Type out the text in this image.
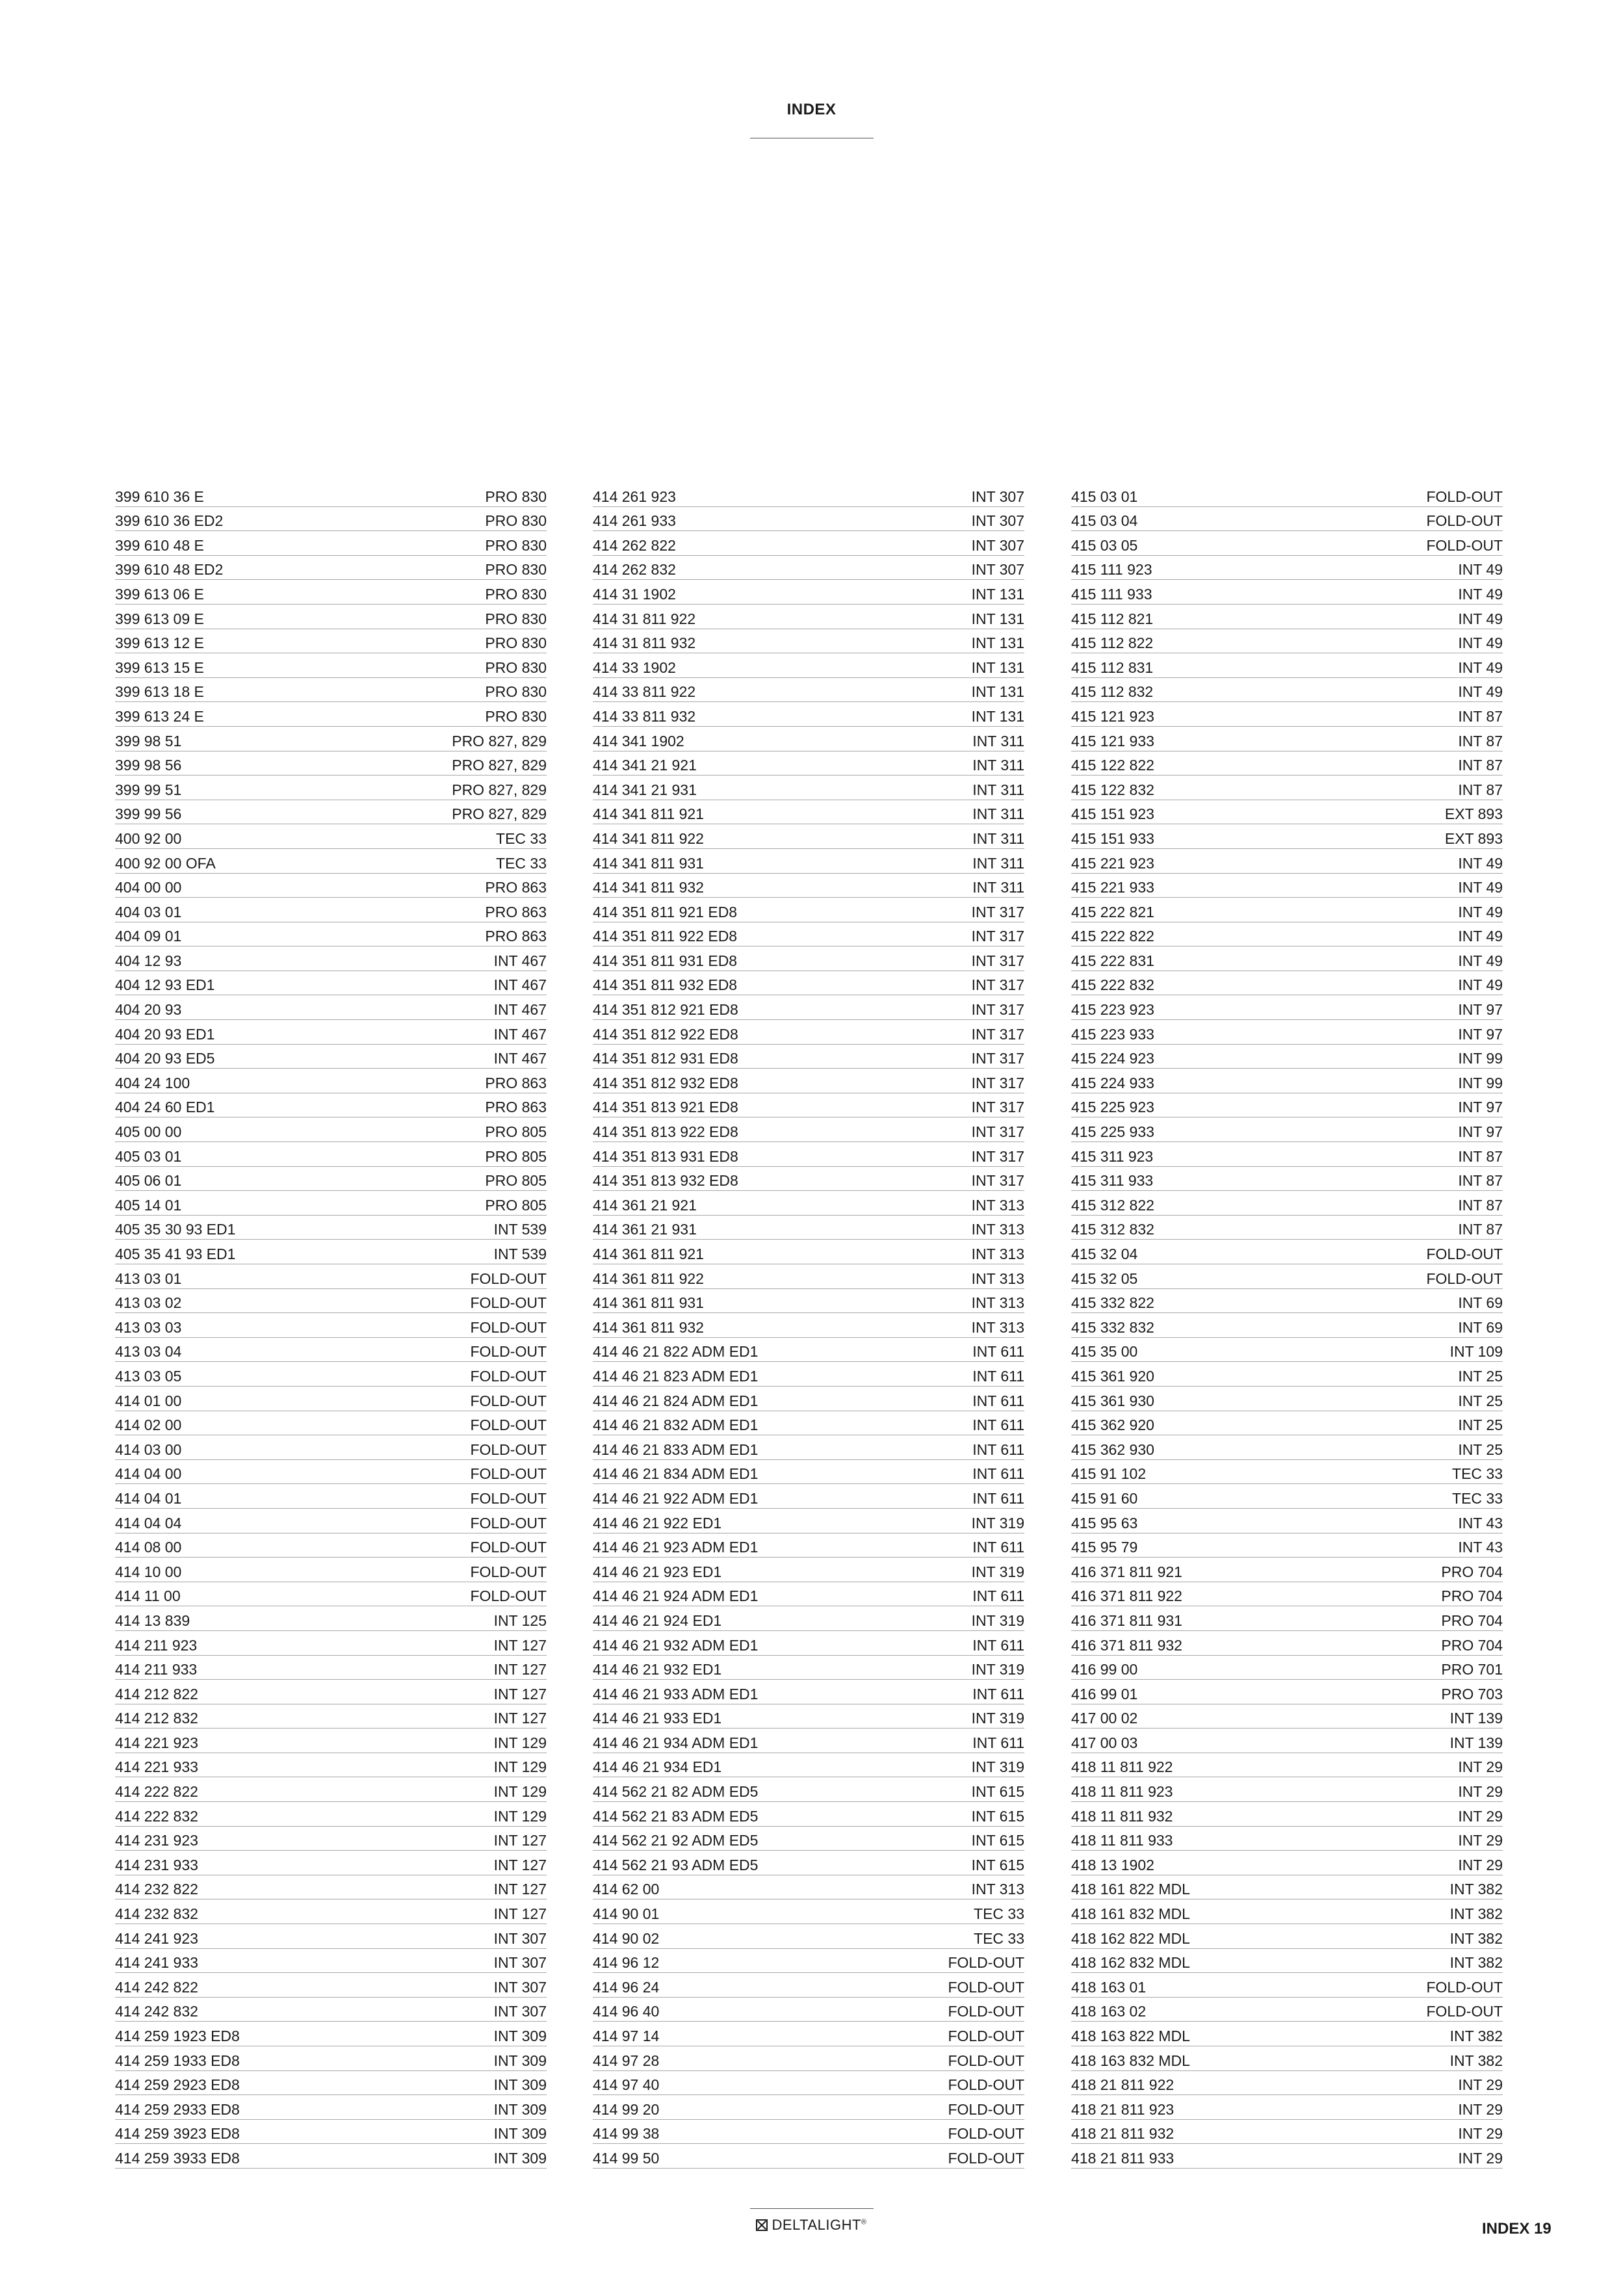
INDEX
399 610 36 E	PRO 830
399 610 36 ED2	PRO 830
399 610 48 E	PRO 830
399 610 48 ED2	PRO 830
399 613 06 E	PRO 830
399 613 09 E	PRO 830
399 613 12 E	PRO 830
399 613 15 E	PRO 830
399 613 18 E	PRO 830
399 613 24 E	PRO 830
399 98 51	PRO 827, 829
399 98 56	PRO 827, 829
399 99 51	PRO 827, 829
399 99 56	PRO 827, 829
400 92 00	TEC 33
400 92 00 OFA	TEC 33
404 00 00	PRO 863
404 03 01	PRO 863
404 09 01	PRO 863
404 12 93	INT 467
404 12 93 ED1	INT 467
404 20 93	INT 467
404 20 93 ED1	INT 467
404 20 93 ED5	INT 467
404 24 100	PRO 863
404 24 60 ED1	PRO 863
405 00 00	PRO 805
405 03 01	PRO 805
405 06 01	PRO 805
405 14 01	PRO 805
405 35 30 93 ED1	INT 539
405 35 41 93 ED1	INT 539
413 03 01	FOLD-OUT
413 03 02	FOLD-OUT
413 03 03	FOLD-OUT
413 03 04	FOLD-OUT
413 03 05	FOLD-OUT
414 01 00	FOLD-OUT
414 02 00	FOLD-OUT
414 03 00	FOLD-OUT
414 04 00	FOLD-OUT
414 04 01	FOLD-OUT
414 04 04	FOLD-OUT
414 08 00	FOLD-OUT
414 10 00	FOLD-OUT
414 11 00	FOLD-OUT
414 13 839	INT 125
414 211 923	INT 127
414 211 933	INT 127
414 212 822	INT 127
414 212 832	INT 127
414 221 923	INT 129
414 221 933	INT 129
414 222 822	INT 129
414 222 832	INT 129
414 231 923	INT 127
414 231 933	INT 127
414 232 822	INT 127
414 232 832	INT 127
414 241 923	INT 307
414 241 933	INT 307
414 242 822	INT 307
414 242 832	INT 307
414 259 1923 ED8	INT 309
414 259 1933 ED8	INT 309
414 259 2923 ED8	INT 309
414 259 2933 ED8	INT 309
414 259 3923 ED8	INT 309
414 259 3933 ED8	INT 309
414 261 923	INT 307
414 261 933	INT 307
414 262 822	INT 307
414 262 832	INT 307
414 31 1902	INT 131
414 31 811 922	INT 131
414 31 811 932	INT 131
414 33 1902	INT 131
414 33 811 922	INT 131
414 33 811 932	INT 131
414 341 1902	INT 311
414 341 21 921	INT 311
414 341 21 931	INT 311
414 341 811 921	INT 311
414 341 811 922	INT 311
414 341 811 931	INT 311
414 341 811 932	INT 311
414 351 811 921 ED8	INT 317
414 351 811 922 ED8	INT 317
414 351 811 931 ED8	INT 317
414 351 811 932 ED8	INT 317
414 351 812 921 ED8	INT 317
414 351 812 922 ED8	INT 317
414 351 812 931 ED8	INT 317
414 351 812 932 ED8	INT 317
414 351 813 921 ED8	INT 317
414 351 813 922 ED8	INT 317
414 351 813 931 ED8	INT 317
414 351 813 932 ED8	INT 317
414 361 21 921	INT 313
414 361 21 931	INT 313
414 361 811 921	INT 313
414 361 811 922	INT 313
414 361 811 931	INT 313
414 361 811 932	INT 313
414 46 21 822 ADM ED1	INT 611
414 46 21 823 ADM ED1	INT 611
414 46 21 824 ADM ED1	INT 611
414 46 21 832 ADM ED1	INT 611
414 46 21 833 ADM ED1	INT 611
414 46 21 834 ADM ED1	INT 611
414 46 21 922 ADM ED1	INT 611
414 46 21 922 ED1	INT 319
414 46 21 923 ADM ED1	INT 611
414 46 21 923 ED1	INT 319
414 46 21 924 ADM ED1	INT 611
414 46 21 924 ED1	INT 319
414 46 21 932 ADM ED1	INT 611
414 46 21 932 ED1	INT 319
414 46 21 933 ADM ED1	INT 611
414 46 21 933 ED1	INT 319
414 46 21 934 ADM ED1	INT 611
414 46 21 934 ED1	INT 319
414 562 21 82 ADM ED5	INT 615
414 562 21 83 ADM ED5	INT 615
414 562 21 92 ADM ED5	INT 615
414 562 21 93 ADM ED5	INT 615
414 62 00	INT 313
414 90 01	TEC 33
414 90 02	TEC 33
414 96 12	FOLD-OUT
414 96 24	FOLD-OUT
414 96 40	FOLD-OUT
414 97 14	FOLD-OUT
414 97 28	FOLD-OUT
414 97 40	FOLD-OUT
414 99 20	FOLD-OUT
414 99 38	FOLD-OUT
414 99 50	FOLD-OUT
415 03 01	FOLD-OUT
415 03 04	FOLD-OUT
415 03 05	FOLD-OUT
415 111 923	INT 49
415 111 933	INT 49
415 112 821	INT 49
415 112 822	INT 49
415 112 831	INT 49
415 112 832	INT 49
415 121 923	INT 87
415 121 933	INT 87
415 122 822	INT 87
415 122 832	INT 87
415 151 923	EXT 893
415 151 933	EXT 893
415 221 923	INT 49
415 221 933	INT 49
415 222 821	INT 49
415 222 822	INT 49
415 222 831	INT 49
415 222 832	INT 49
415 223 923	INT 97
415 223 933	INT 97
415 224 923	INT 99
415 224 933	INT 99
415 225 923	INT 97
415 225 933	INT 97
415 311 923	INT 87
415 311 933	INT 87
415 312 822	INT 87
415 312 832	INT 87
415 32 04	FOLD-OUT
415 32 05	FOLD-OUT
415 332 822	INT 69
415 332 832	INT 69
415 35 00	INT 109
415 361 920	INT 25
415 361 930	INT 25
415 362 920	INT 25
415 362 930	INT 25
415 91 102	TEC 33
415 91 60	TEC 33
415 95 63	INT 43
415 95 79	INT 43
416 371 811 921	PRO 704
416 371 811 922	PRO 704
416 371 811 931	PRO 704
416 371 811 932	PRO 704
416 99 00	PRO 701
416 99 01	PRO 703
417 00 02	INT 139
417 00 03	INT 139
418 11 811 922	INT 29
418 11 811 923	INT 29
418 11 811 932	INT 29
418 11 811 933	INT 29
418 13 1902	INT 29
418 161 822 MDL	INT 382
418 161 832 MDL	INT 382
418 162 822 MDL	INT 382
418 162 832 MDL	INT 382
418 163 01	FOLD-OUT
418 163 02	FOLD-OUT
418 163 822 MDL	INT 382
418 163 832 MDL	INT 382
418 21 811 922	INT 29
418 21 811 923	INT 29
418 21 811 932	INT 29
418 21 811 933	INT 29
DELTALIGHT®	INDEX 19
